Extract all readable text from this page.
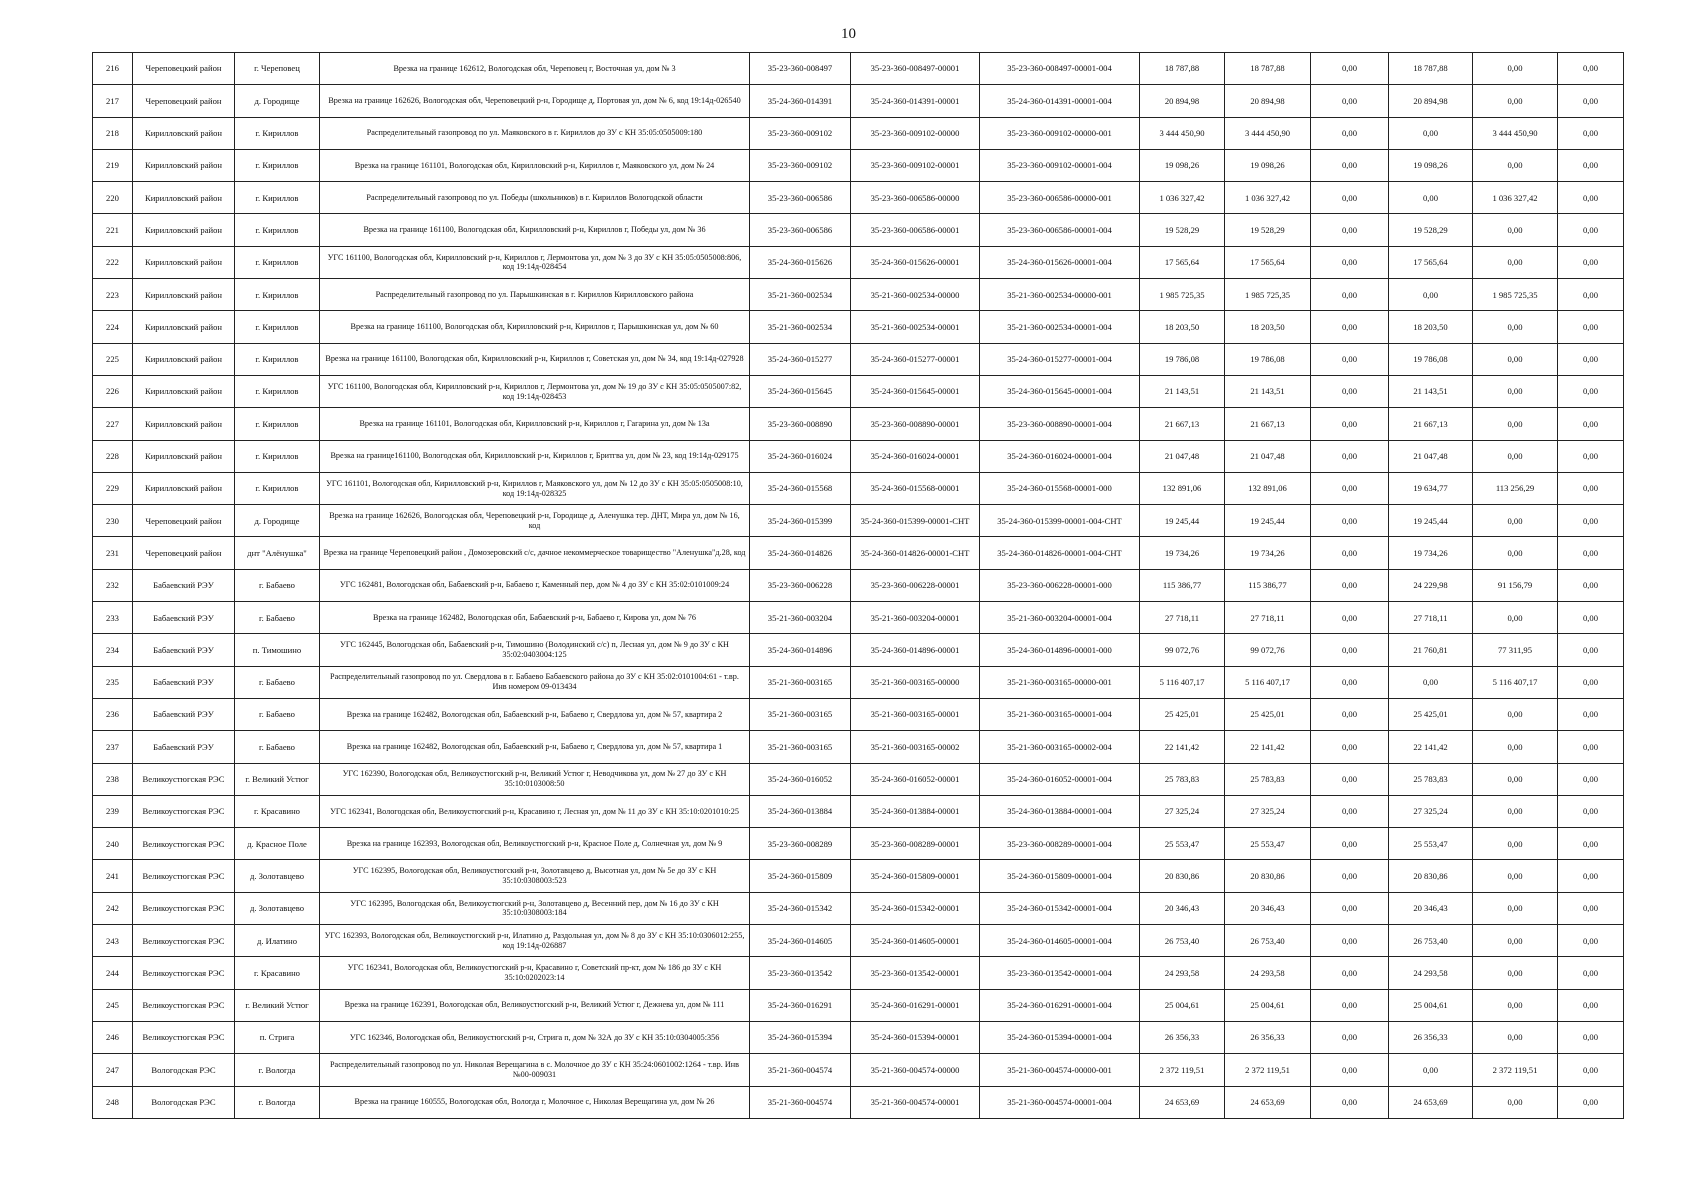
10
216	Череповецкий район	г. Череповец	Врезка на границе 162612, Вологодская обл, Череповец г, Восточная ул, дом № 3	35-23-360-008497	35-23-360-008497-00001	35-23-360-008497-00001-004	18 787,88	18 787,88	0,00	18 787,88	0,00	0,00
217	Череповецкий район	д. Городище	Врезка на границе 162626, Вологодская обл, Череповецкий р-н, Городище д, Портовая ул, дом № 6, код 19:14д-026540	35-24-360-014391	35-24-360-014391-00001	35-24-360-014391-00001-004	20 894,98	20 894,98	0,00	20 894,98	0,00	0,00
218	Кирилловский район	г. Кириллов	Распределительный газопровод по ул. Маяковского в г. Кириллов до ЗУ с КН 35:05:0505009:180	35-23-360-009102	35-23-360-009102-00000	35-23-360-009102-00000-001	3 444 450,90	3 444 450,90	0,00	0,00	3 444 450,90	0,00
219	Кирилловский район	г. Кириллов	Врезка на границе 161101, Вологодская обл, Кирилловский р-н, Кириллов г, Маяковского ул, дом № 24	35-23-360-009102	35-23-360-009102-00001	35-23-360-009102-00001-004	19 098,26	19 098,26	0,00	19 098,26	0,00	0,00
220	Кирилловский район	г. Кириллов	Распределительный газопровод по ул. Победы (школьников) в г. Кириллов Вологодской области	35-23-360-006586	35-23-360-006586-00000	35-23-360-006586-00000-001	1 036 327,42	1 036 327,42	0,00	0,00	1 036 327,42	0,00
221	Кирилловский район	г. Кириллов	Врезка на границе 161100, Вологодская обл, Кирилловский р-н, Кириллов г, Победы ул, дом № 36	35-23-360-006586	35-23-360-006586-00001	35-23-360-006586-00001-004	19 528,29	19 528,29	0,00	19 528,29	0,00	0,00
222	Кирилловский район	г. Кириллов	УГС 161100, Вологодская обл, Кирилловский р-н, Кириллов г, Лермонтова ул, дом № 3 до ЗУ с КН 35:05:0505008:806, код 19:14д-028454	35-24-360-015626	35-24-360-015626-00001	35-24-360-015626-00001-004	17 565,64	17 565,64	0,00	17 565,64	0,00	0,00
223	Кирилловский район	г. Кириллов	Распределительный газопровод по ул. Парышкинская в г. Кириллов Кирилловского района	35-21-360-002534	35-21-360-002534-00000	35-21-360-002534-00000-001	1 985 725,35	1 985 725,35	0,00	0,00	1 985 725,35	0,00
224	Кирилловский район	г. Кириллов	Врезка на границе 161100, Вологодская обл, Кирилловский р-н, Кириллов г, Парышкинская ул, дом № 60	35-21-360-002534	35-21-360-002534-00001	35-21-360-002534-00001-004	18 203,50	18 203,50	0,00	18 203,50	0,00	0,00
225	Кирилловский район	г. Кириллов	Врезка на границе 161100, Вологодская обл, Кирилловский р-н, Кириллов г, Советская ул, дом № 34, код 19:14д-027928	35-24-360-015277	35-24-360-015277-00001	35-24-360-015277-00001-004	19 786,08	19 786,08	0,00	19 786,08	0,00	0,00
226	Кирилловский район	г. Кириллов	УГС 161100, Вологодская обл, Кирилловский р-н, Кириллов г, Лермонтова ул, дом № 19 до ЗУ с КН 35:05:0505007:82, код 19:14д-028453	35-24-360-015645	35-24-360-015645-00001	35-24-360-015645-00001-004	21 143,51	21 143,51	0,00	21 143,51	0,00	0,00
227	Кирилловский район	г. Кириллов	Врезка на границе 161101, Вологодская обл, Кирилловский р-н, Кириллов г, Гагарина ул, дом № 13а	35-23-360-008890	35-23-360-008890-00001	35-23-360-008890-00001-004	21 667,13	21 667,13	0,00	21 667,13	0,00	0,00
228	Кирилловский район	г. Кириллов	Врезка на границе161100, Вологодская обл, Кирилловский р-н, Кириллов г, Бритгва ул, дом № 23, код 19:14д-029175	35-24-360-016024	35-24-360-016024-00001	35-24-360-016024-00001-004	21 047,48	21 047,48	0,00	21 047,48	0,00	0,00
229	Кирилловский район	г. Кириллов	УГС 161101, Вологодская обл, Кирилловский р-н, Кириллов г, Маяковского ул, дом № 12 до ЗУ с КН 35:05:0505008:10, код 19:14д-028325	35-24-360-015568	35-24-360-015568-00001	35-24-360-015568-00001-000	132 891,06	132 891,06	0,00	19 634,77	113 256,29	0,00
230	Череповецкий район	д. Городище	Врезка на границе 162626, Вологодская обл, Череповецкий р-н, Городище д, Аленушка тер. ДНТ, Мира ул, дом № 16, код	35-24-360-015399	35-24-360-015399-00001-СНТ	35-24-360-015399-00001-004-СНТ	19 245,44	19 245,44	0,00	19 245,44	0,00	0,00
231	Череповецкий район	днт "Алёнушка"	Врезка на границе Череповецкий район , Домозеровский с/с, дачное некоммерческое товарищество "Аленушка"д.28, код	35-24-360-014826	35-24-360-014826-00001-СНТ	35-24-360-014826-00001-004-СНТ	19 734,26	19 734,26	0,00	19 734,26	0,00	0,00
232	Бабаевский РЭУ	г. Бабаево	УГС 162481, Вологодская обл, Бабаевский р-н, Бабаево г, Каменный пер, дом № 4 до ЗУ с КН 35:02:0101009:24	35-23-360-006228	35-23-360-006228-00001	35-23-360-006228-00001-000	115 386,77	115 386,77	0,00	24 229,98	91 156,79	0,00
233	Бабаевский РЭУ	г. Бабаево	Врезка на границе 162482, Вологодская обл, Бабаевский р-н, Бабаево г, Кирова ул, дом № 76	35-21-360-003204	35-21-360-003204-00001	35-21-360-003204-00001-004	27 718,11	27 718,11	0,00	27 718,11	0,00	0,00
234	Бабаевский РЭУ	п. Тимошино	УГС 162445, Вологодская обл, Бабаевский р-н, Тимошино (Володинский с/с) п, Лесная ул, дом № 9 до ЗУ с КН 35:02:0403004:125	35-24-360-014896	35-24-360-014896-00001	35-24-360-014896-00001-000	99 072,76	99 072,76	0,00	21 760,81	77 311,95	0,00
235	Бабаевский РЭУ	г. Бабаево	Распределительный газопровод по ул. Свердлова в г. Бабаево Бабаевского района до ЗУ с КН 35:02:0101004:61 - т.вр. Инв номером 09-013434	35-21-360-003165	35-21-360-003165-00000	35-21-360-003165-00000-001	5 116 407,17	5 116 407,17	0,00	0,00	5 116 407,17	0,00
236	Бабаевский РЭУ	г. Бабаево	Врезка на границе 162482, Вологодская обл, Бабаевский р-н, Бабаево г, Свердлова ул, дом № 57, квартира 2	35-21-360-003165	35-21-360-003165-00001	35-21-360-003165-00001-004	25 425,01	25 425,01	0,00	25 425,01	0,00	0,00
237	Бабаевский РЭУ	г. Бабаево	Врезка на границе 162482, Вологодская обл, Бабаевский р-н, Бабаево г, Свердлова ул, дом № 57, квартира 1	35-21-360-003165	35-21-360-003165-00002	35-21-360-003165-00002-004	22 141,42	22 141,42	0,00	22 141,42	0,00	0,00
238	Великоустюгская РЭС	г. Великий Устюг	УГС 162390, Вологодская обл, Великоустюгский р-н, Великий Устюг г, Неводчикова ул, дом № 27 до ЗУ с КН 35:10:0103008:50	35-24-360-016052	35-24-360-016052-00001	35-24-360-016052-00001-004	25 783,83	25 783,83	0,00	25 783,83	0,00	0,00
239	Великоустюгская РЭС	г. Красавино	УГС 162341, Вологодская обл, Великоустюгский р-н, Красавино г, Лесная ул, дом № 11 до ЗУ с КН 35:10:0201010:25	35-24-360-013884	35-24-360-013884-00001	35-24-360-013884-00001-004	27 325,24	27 325,24	0,00	27 325,24	0,00	0,00
240	Великоустюгская РЭС	д. Красное Поле	Врезка на границе 162393, Вологодская обл, Великоустюгский р-н, Красное Поле д, Солнечная ул, дом № 9	35-23-360-008289	35-23-360-008289-00001	35-23-360-008289-00001-004	25 553,47	25 553,47	0,00	25 553,47	0,00	0,00
241	Великоустюгская РЭС	д. Золотавцево	УГС 162395, Вологодская обл, Великоустюгский р-н, Золотавцево д, Высотная ул, дом № 5е до ЗУ с КН 35:10:0308003:523	35-24-360-015809	35-24-360-015809-00001	35-24-360-015809-00001-004	20 830,86	20 830,86	0,00	20 830,86	0,00	0,00
242	Великоустюгская РЭС	д. Золотавцево	УГС 162395, Вологодская обл, Великоустюгский р-н, Золотавцево д, Весенний пер, дом № 16 до ЗУ с КН 35:10:0308003:184	35-24-360-015342	35-24-360-015342-00001	35-24-360-015342-00001-004	20 346,43	20 346,43	0,00	20 346,43	0,00	0,00
243	Великоустюгская РЭС	д. Илатино	УГС 162393, Вологодская обл, Великоустюгский р-н, Илатино д, Раздольная ул, дом № 8 до ЗУ с КН 35:10:0306012:255, код 19:14д-026887	35-24-360-014605	35-24-360-014605-00001	35-24-360-014605-00001-004	26 753,40	26 753,40	0,00	26 753,40	0,00	0,00
244	Великоустюгская РЭС	г. Красавино	УГС 162341, Вологодская обл, Великоустюгский р-н, Красавино г, Советский пр-кт, дом № 186 до ЗУ с КН 35:10:0202023:14	35-23-360-013542	35-23-360-013542-00001	35-23-360-013542-00001-004	24 293,58	24 293,58	0,00	24 293,58	0,00	0,00
245	Великоустюгская РЭС	г. Великий Устюг	Врезка на границе 162391, Вологодская обл, Великоустюгский р-н, Великий Устюг г, Дежнева ул, дом № 111	35-24-360-016291	35-24-360-016291-00001	35-24-360-016291-00001-004	25 004,61	25 004,61	0,00	25 004,61	0,00	0,00
246	Великоустюгская РЭС	п. Стрига	УГС 162346, Вологодская обл, Великоустюгский р-н, Стрига п, дом № 32А до ЗУ с КН 35:10:0304005:356	35-24-360-015394	35-24-360-015394-00001	35-24-360-015394-00001-004	26 356,33	26 356,33	0,00	26 356,33	0,00	0,00
247	Вологодская РЭС	г. Вологда	Распределительный газопровод по ул. Николая Верещагина в с. Молочное до ЗУ с КН 35:24:0601002:1264 - т.вр. Инв №00-009031	35-21-360-004574	35-21-360-004574-00000	35-21-360-004574-00000-001	2 372 119,51	2 372 119,51	0,00	0,00	2 372 119,51	0,00
248	Вологодская РЭС	г. Вологда	Врезка на границе 160555, Вологодская обл, Вологда г, Молочное с, Николая Верещагина ул, дом № 26	35-21-360-004574	35-21-360-004574-00001	35-21-360-004574-00001-004	24 653,69	24 653,69	0,00	24 653,69	0,00	0,00
